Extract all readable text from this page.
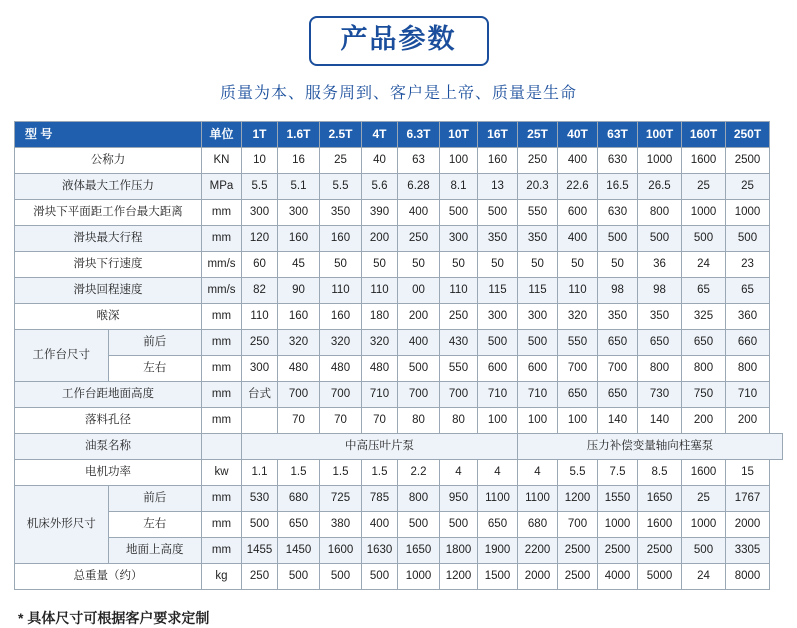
产品参数
质量为本、服务周到、客户是上帝、质量是生命
型 号		单位	1T	1.6T	2.5T	4T	6.3T	10T	16T	25T	40T	63T	100T	160T	250T
公称力		KN	10	16	25	40	63	100	160	250	400	630	1000	1600	2500
液体最大工作压力		MPa	5.5	5.1	5.5	5.6	6.28	8.1	13	20.3	22.6	16.5	26.5	25	25
滑块下平面距工作台最大距离		mm	300	300	350	390	400	500	500	550	600	630	800	1000	1000
滑块最大行程		mm	120	160	160	200	250	300	350	350	400	500	500	500	500
滑块下行速度		mm/s	60	45	50	50	50	50	50	50	50	50	36	24	23
滑块回程速度		mm/s	82	90	110	110	00	110	115	115	110	98	98	65	65
喉深		mm	110	160	160	180	200	250	300	300	320	350	350	325	360
工作台尺寸	前后	mm	250	320	320	320	400	430	500	500	550	650	650	650	660
	左右	mm	300	480	480	480	500	550	600	600	700	700	800	800	800
工作台距地面高度		mm	台式	700	700	710	700	700	710	710	650	650	730	750	710
落料孔径		mm		70	70	70	80	80	100	100	100	140	140	200	200
油泵名称			中高压叶片泵							压力补偿变量轴向柱塞泵					
电机功率		kw	1.1	1.5	1.5	1.5	2.2	4	4	4	5.5	7.5	8.5	1600	15
机床外形尺寸	前后	mm	530	680	725	785	800	950	1100	1100	1200	1550	1650	25	1767
	左右	mm	500	650	380	400	500	500	650	680	700	1000	1600	1000	2000
	地面上高度	mm	1455	1450	1600	1630	1650	1800	1900	2200	2500	2500	2500	500	3305
总重量（约）		kg	250	500	500	500	1000	1200	1500	2000	2500	4000	5000	24	8000
* 具体尺寸可根据客户要求定制
